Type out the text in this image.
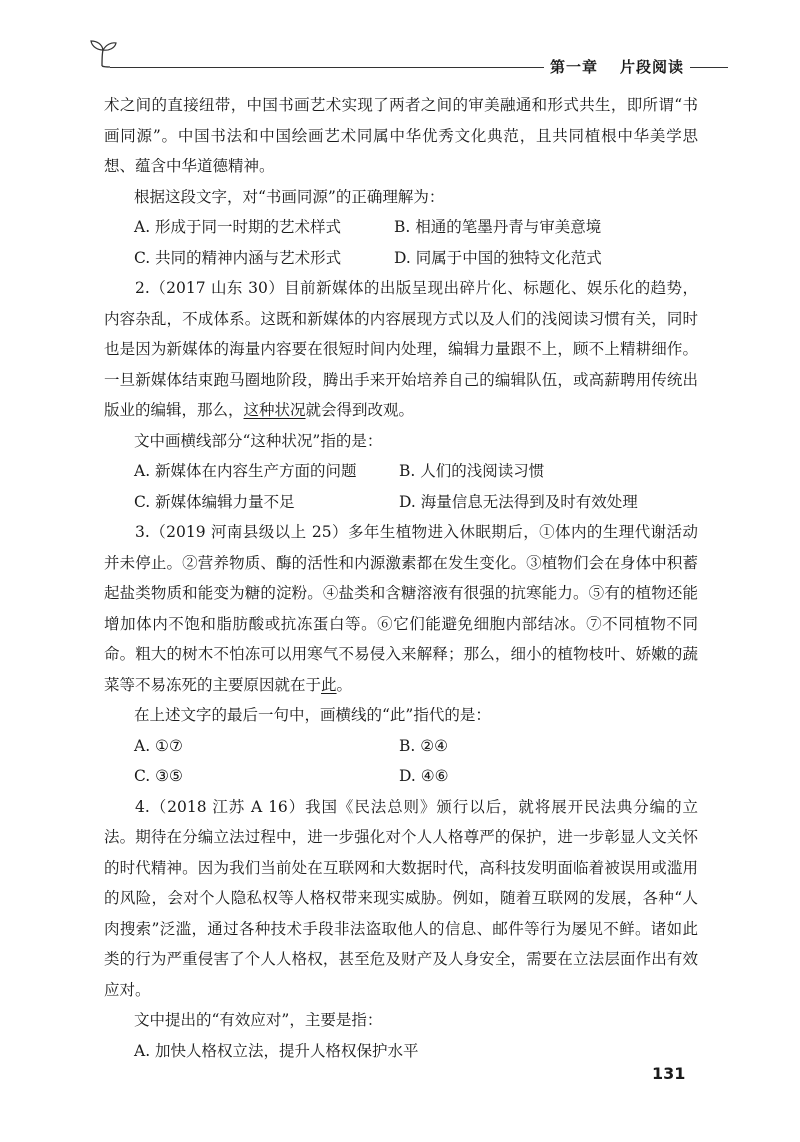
第一章 片段阅读

术之间的直接纽带，中国书画艺术实现了两者之间的审美融通和形式共生，即所谓“书画同源”。中国书法和中国绘画艺术同属中华优秀文化典范，且共同植根中华美学思想、蕴含中华道德精神。

根据这段文字，对“书画同源”的正确理解为：

A. 形成于同一时期的艺术样式	B. 相通的笔墨丹青与审美意境
C. 共同的精神内涵与艺术形式	D. 同属于中国的独特文化范式

2.（2017 山东 30）目前新媒体的出版呈现出碎片化、标题化、娱乐化的趋势，内容杂乱，不成体系。这既和新媒体的内容展现方式以及人们的浅阅读习惯有关，同时也是因为新媒体的海量内容要在很短时间内处理，编辑力量跟不上，顾不上精耕细作。一旦新媒体结束跑马圈地阶段，腾出手来开始培养自己的编辑队伍，或高薪聘用传统出版业的编辑，那么，这种状况就会得到改观。

文中画横线部分“这种状况”指的是：

A. 新媒体在内容生产方面的问题	B. 人们的浅阅读习惯
C. 新媒体编辑力量不足	D. 海量信息无法得到及时有效处理

3.（2019 河南县级以上 25）多年生植物进入休眠期后，①体内的生理代谢活动并未停止。②营养物质、酶的活性和内源激素都在发生变化。③植物们会在身体中积蓄起盐类物质和能变为糖的淀粉。④盐类和含糖溶液有很强的抗寒能力。⑤有的植物还能增加体内不饱和脂肪酸或抗冻蛋白等。⑥它们能避免细胞内部结冰。⑦不同植物不同命。粗大的树木不怕冻可以用寒气不易侵入来解释；那么，细小的植物枝叶、娇嫩的蔬菜等不易冻死的主要原因就在于此。

在上述文字的最后一句中，画横线的“此”指代的是：

A. ①⑦	B. ②④
C. ③⑤	D. ④⑥

4.（2018 江苏 A 16）我国《民法总则》颁行以后，就将展开民法典分编的立法。期待在分编立法过程中，进一步强化对个人人格尊严的保护，进一步彰显人文关怀的时代精神。因为我们当前处在互联网和大数据时代，高科技发明面临着被误用或滥用的风险，会对个人隐私权等人格权带来现实威胁。例如，随着互联网的发展，各种“人肉搜索”泛滥，通过各种技术手段非法盗取他人的信息、邮件等行为屡见不鲜。诸如此类的行为严重侵害了个人人格权，甚至危及财产及人身安全，需要在立法层面作出有效应对。

文中提出的“有效应对”，主要是指：

A. 加快人格权立法，提升人格权保护水平
131
